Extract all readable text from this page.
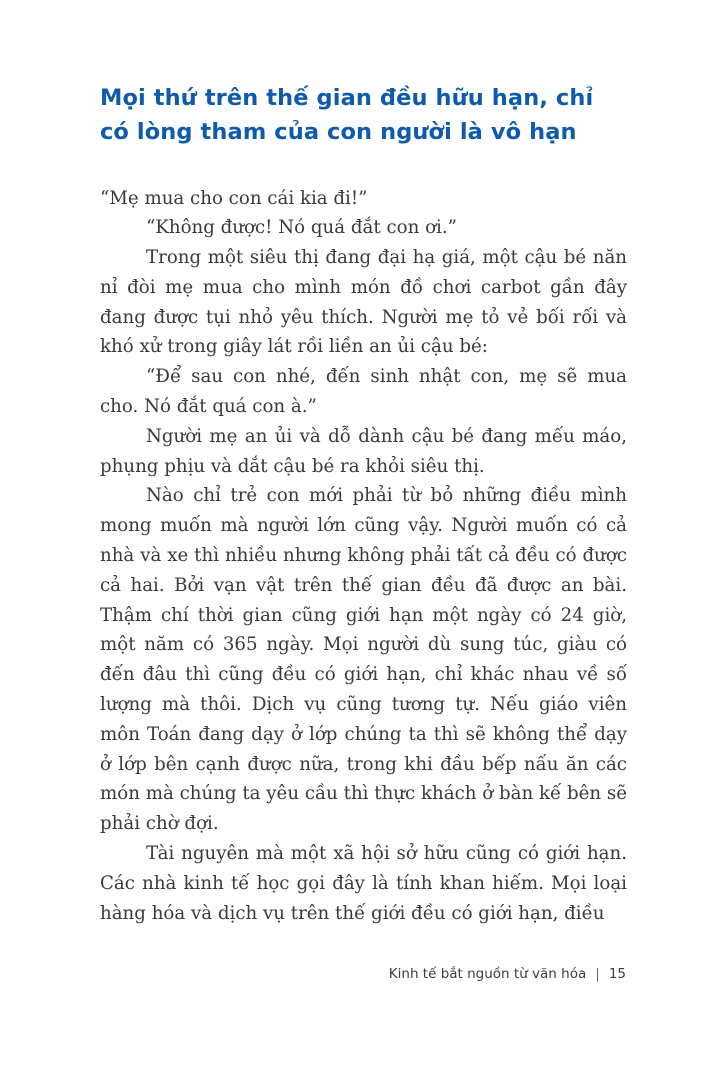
Mọi thứ trên thế gian đều hữu hạn, chỉ có lòng tham của con người là vô hạn

“Mẹ mua cho con cái kia đi!”

“Không được! Nó quá đắt con ơi.”

Trong một siêu thị đang đại hạ giá, một cậu bé năn nỉ đòi mẹ mua cho mình món đồ chơi carbot gần đây đang được tụi nhỏ yêu thích. Người mẹ tỏ vẻ bối rối và khó xử trong giây lát rồi liền an ủi cậu bé:

“Để sau con nhé, đến sinh nhật con, mẹ sẽ mua cho. Nó đắt quá con à.”

Người mẹ an ủi và dỗ dành cậu bé đang mếu máo, phụng phịu và dắt cậu bé ra khỏi siêu thị.

Nào chỉ trẻ con mới phải từ bỏ những điều mình mong muốn mà người lớn cũng vậy. Người muốn có cả nhà và xe thì nhiều nhưng không phải tất cả đều có được cả hai. Bởi vạn vật trên thế gian đều đã được an bài. Thậm chí thời gian cũng giới hạn một ngày có 24 giờ, một năm có 365 ngày. Mọi người dù sung túc, giàu có đến đâu thì cũng đều có giới hạn, chỉ khác nhau về số lượng mà thôi. Dịch vụ cũng tương tự. Nếu giáo viên môn Toán đang dạy ở lớp chúng ta thì sẽ không thể dạy ở lớp bên cạnh được nữa, trong khi đầu bếp nấu ăn các món mà chúng ta yêu cầu thì thực khách ở bàn kế bên sẽ phải chờ đợi.

Tài nguyên mà một xã hội sở hữu cũng có giới hạn. Các nhà kinh tế học gọi đây là tính khan hiếm. Mọi loại hàng hóa và dịch vụ trên thế giới đều có giới hạn, điều

Kinh tế bắt nguồn từ văn hóa | 15
